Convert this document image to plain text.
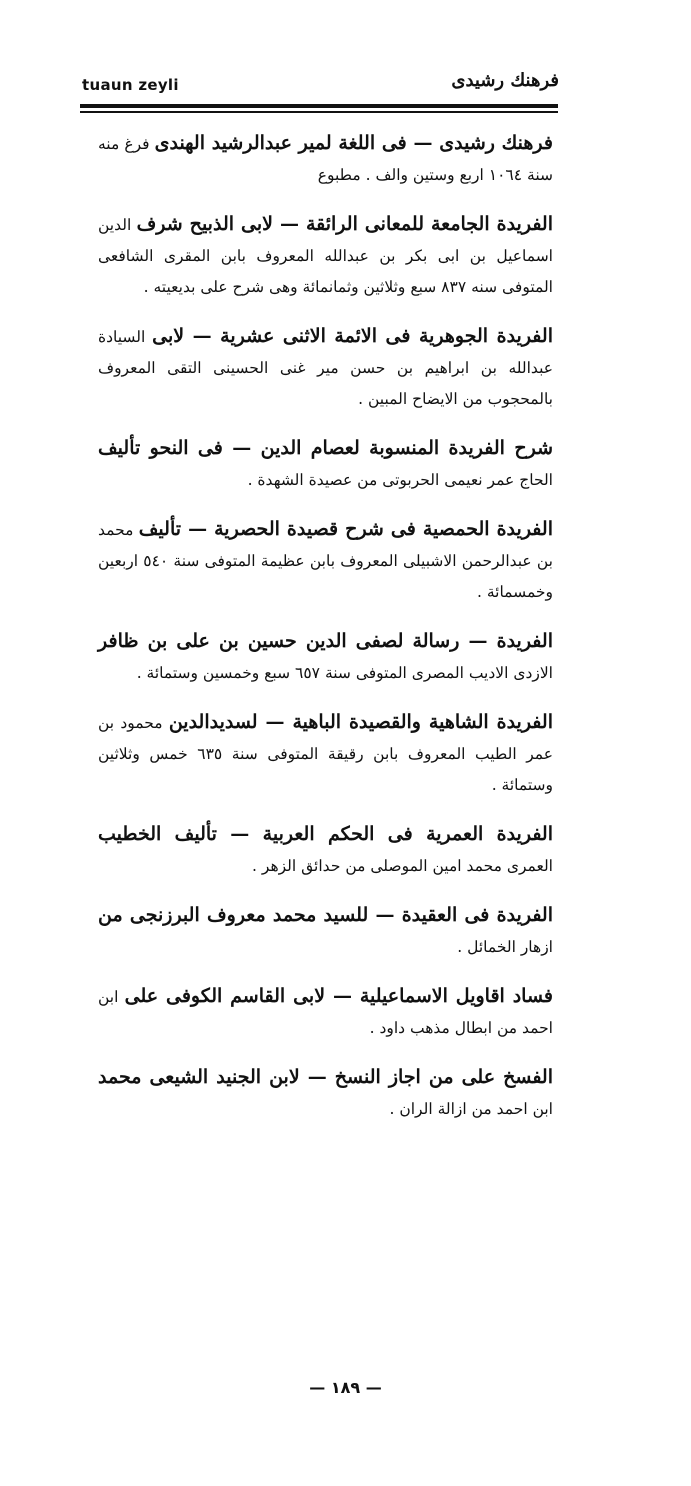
tuaun zeyli	فرهنك رشيدى

فرهنك رشيدى — فى اللغة لمير عبدالرشيد الهندى فرغ منه سنة ١٠٦٤ اربع وستين والف . مطبوع

الفريدة الجامعة للمعانى الرائقة — لابى الذبيح شرف الدين اسماعيل بن ابى بكر بن عبدالله المعروف بابن المقرى الشافعى المتوفى سنه ٨٣٧ سبع وثلاثين وثمانمائة وهى شرح على بديعيته .

الفريدة الجوهرية فى الائمة الاثنى عشرية — لابى السيادة عبدالله بن ابراهيم بن حسن مير غنى الحسينى التقى المعروف بالمحجوب من الايضاح المبين .

شرح الفريدة المنسوبة لعصام الدين — فى النحو تأليف الحاج عمر نعيمى الحربوتى من عصيدة الشهدة .

الفريدة الحمصية فى شرح قصيدة الحصرية — تأليف محمد بن عبدالرحمن الاشبيلى المعروف بابن عظيمة المتوفى سنة ٥٤٠ اربعين وخمسمائة .

الفريدة — رسالة لصفى الدين حسين بن على بن ظافر الازدى الاديب المصرى المتوفى سنة ٦٥٧ سبع وخمسين وستمائة .

الفريدة الشاهية والقصيدة الباهية — لسديدالدين محمود بن عمر الطيب المعروف بابن رقيقة المتوفى سنة ٦٣٥ خمس وثلاثين وستمائة .

الفريدة العمرية فى الحكم العربية — تأليف الخطيب العمرى محمد امين الموصلى من حدائق الزهر .

الفريدة فى العقيدة — للسيد محمد معروف البرزنجى من ازهار الخمائل .

فساد اقاويل الاسماعيلية — لابى القاسم الكوفى على ابن احمد من ابطال مذهب داود .

الفسخ على من اجاز النسخ — لابن الجنيد الشيعى محمد ابن احمد من ازالة الران .

— ١٨٩ —
